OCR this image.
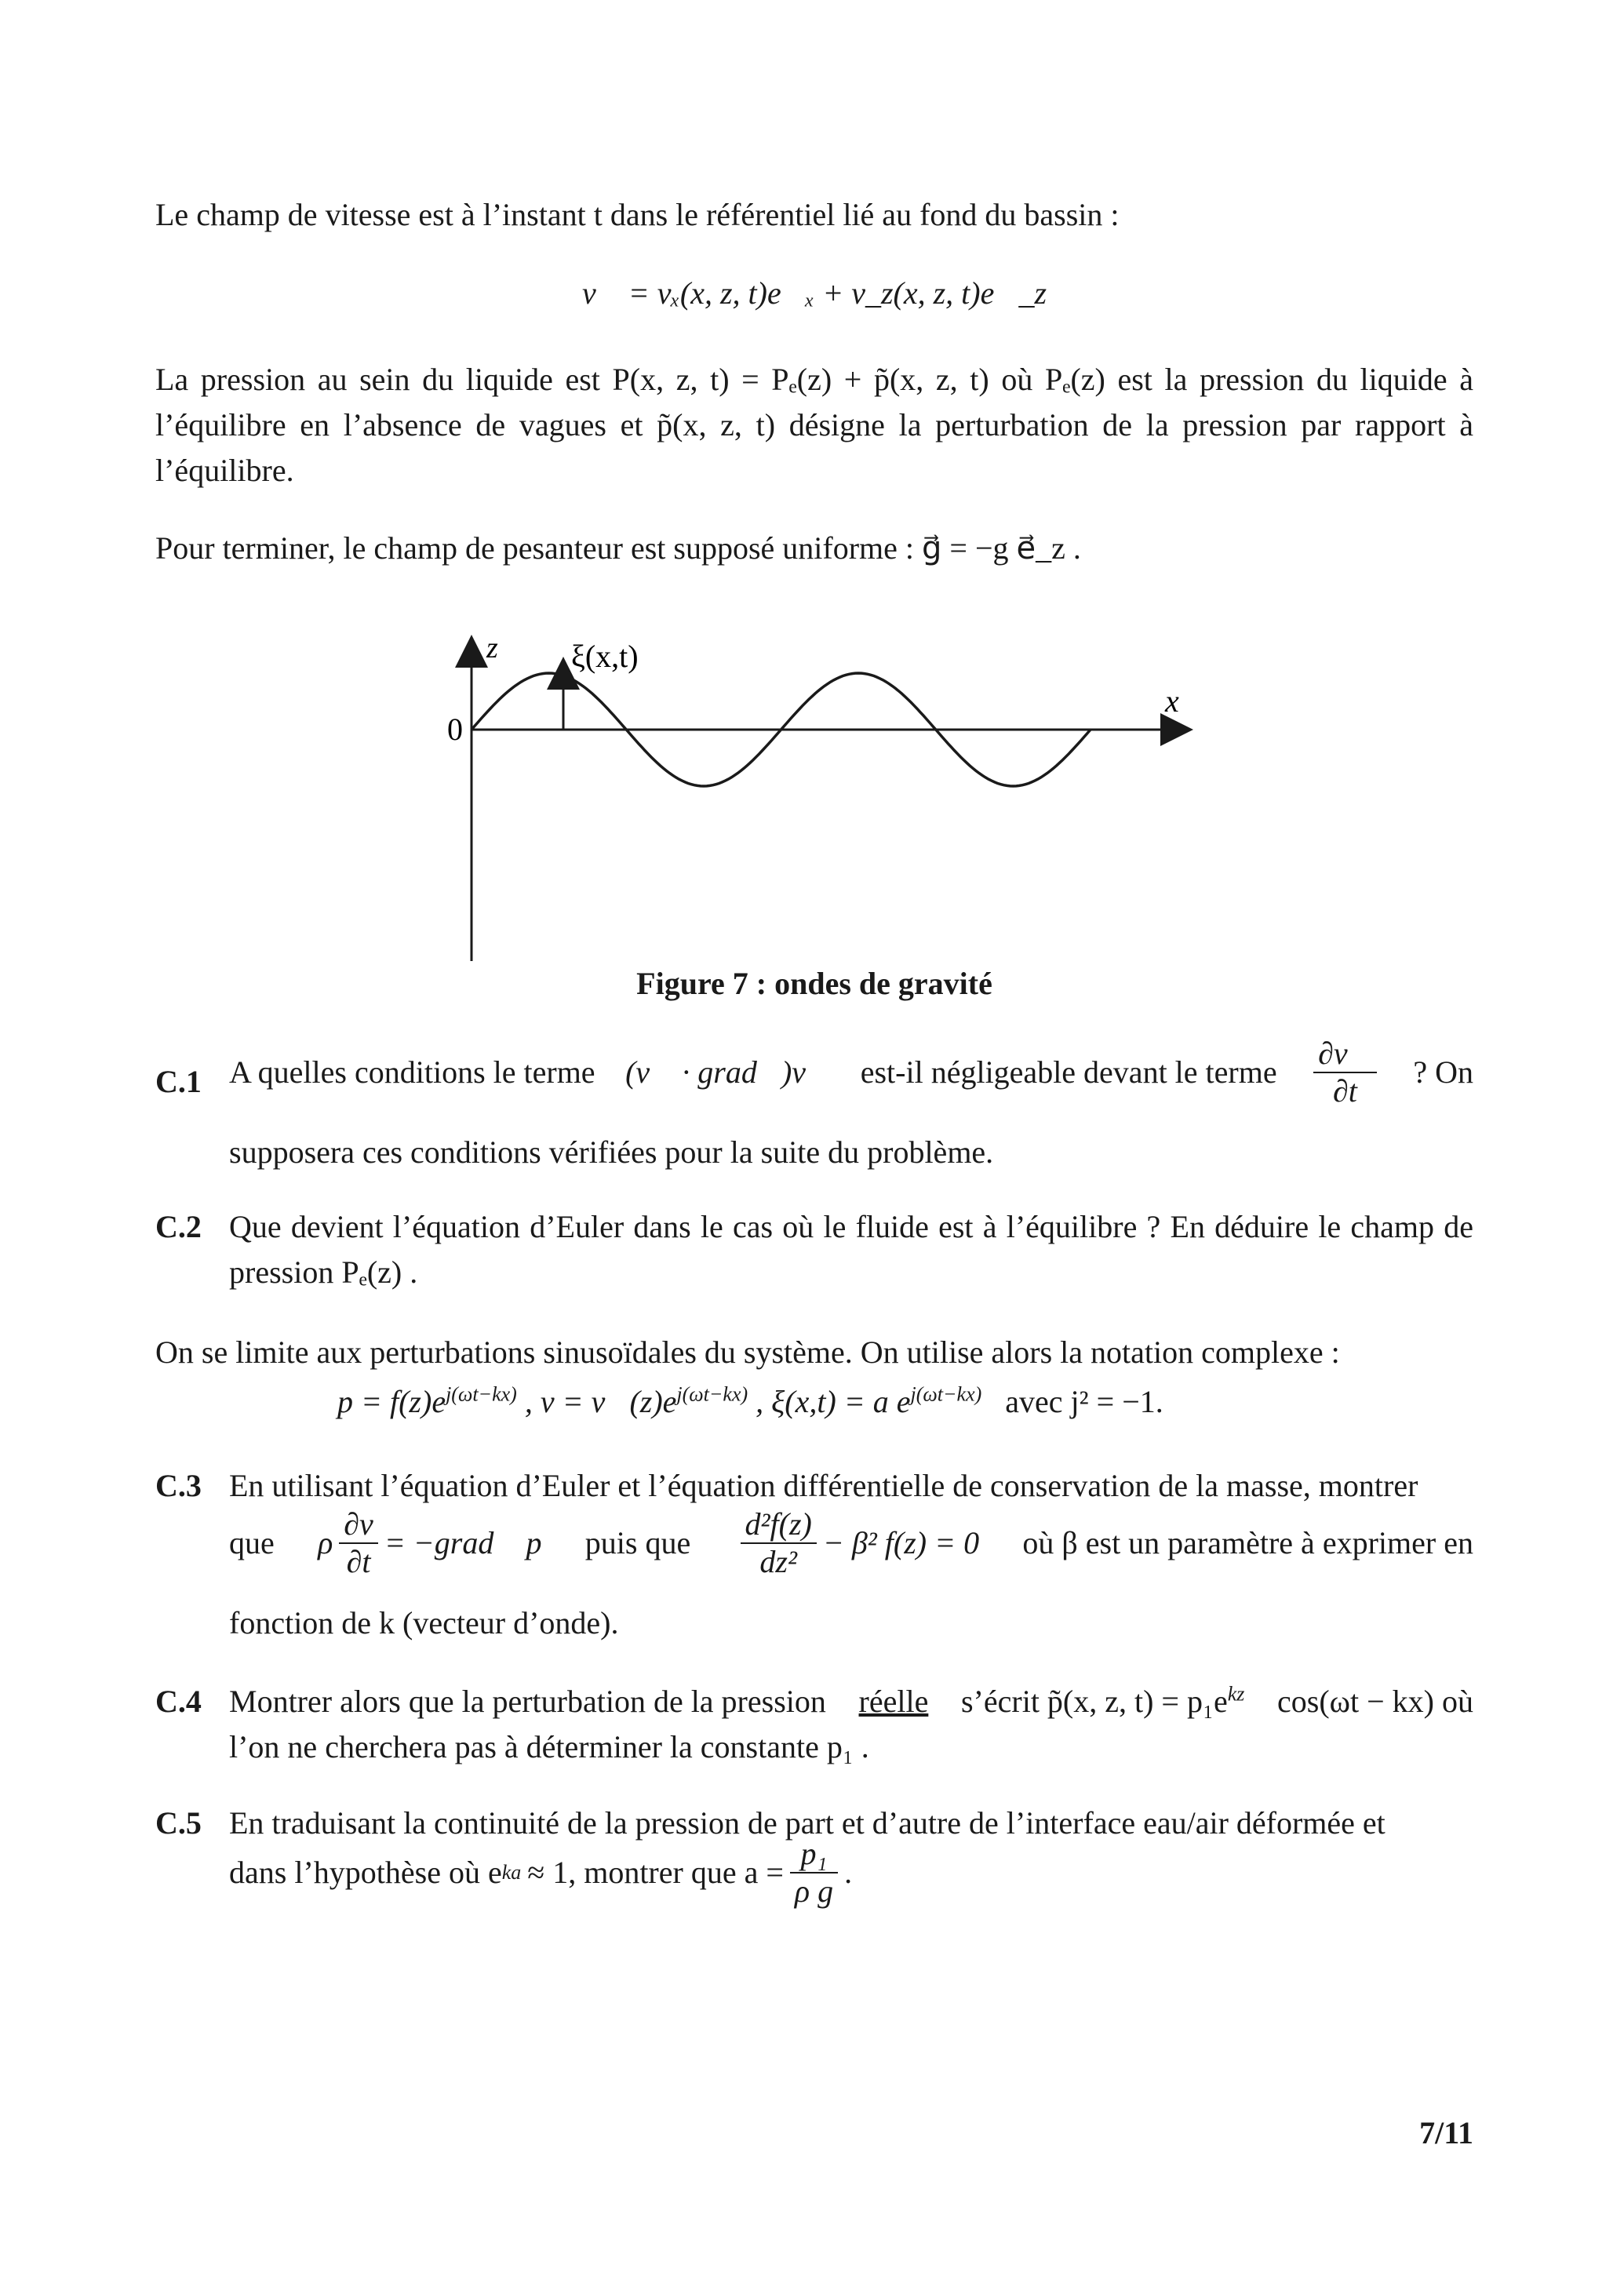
Le champ de vitesse est à l’instant t dans le référentiel lié au fond du bassin :
v⃗ = vₓ(x, z, t)e⃗ₓ + v_z(x, z, t)e⃗_z
La pression au sein du liquide est P(x, z, t) = Pₑ(z) + p̃(x, z, t) où Pₑ(z) est la pression du liquide à l’équilibre en l’absence de vagues et p̃(x, z, t) désigne la perturbation de la pression par rapport à l’équilibre.
Pour terminer, le champ de pesanteur est supposé uniforme : g⃗ = −g e⃗_z .
z
x
0
ξ(x,t)
Figure 7 : ondes de gravité
C.1 A quelles conditions le terme (v⃗ · grad⃗)v⃗ est-il négligeable devant le terme $\frac{\partial v⃗}{\partial t}$ ? On
supposera ces conditions vérifiées pour la suite du problème.
C.2 Que devient l’équation d’Euler dans le cas où le fluide est à l’équilibre ? En déduire le champ de pression Pₑ(z) .
On se limite aux perturbations sinusoïdales du système. On utilise alors la notation complexe :
$p = f(z)e^{j(\omega t-kx)}$ , $v = v⃗(z)e^{j(\omega t-kx)}$ , ξ(x,t) = a $e^{j(\omega t-kx)}$ avec j² = −1.
C.3 En utilisant l’équation d’Euler et l’équation différentielle de conservation de la masse, montrer
que ρ $\frac{\partial v}{\partial t}$ = −grad⃗ p puis que $\frac{\text{d²f(z)}}{\text{dz²}} - \beta^2$ f(z) = 0 où β est un paramètre à exprimer en
fonction de k (vecteur d’onde).
C.4 Montrer alors que la perturbation de la pression réelle s’écrit p̃(x, z, $t) = p_1e^{kz}$ cos(ωt − kx) où
l’on ne cherchera pas à déterminer la constante p₁ .
C.5 En traduisant la continuité de la pression de part et d’autre de l’interface eau/air déformée et
dans l’hypothèse où e ka ≈ 1, montrer que $a = \frac{\text{p₁}}{\text{ρ g}}$ .
7/11
